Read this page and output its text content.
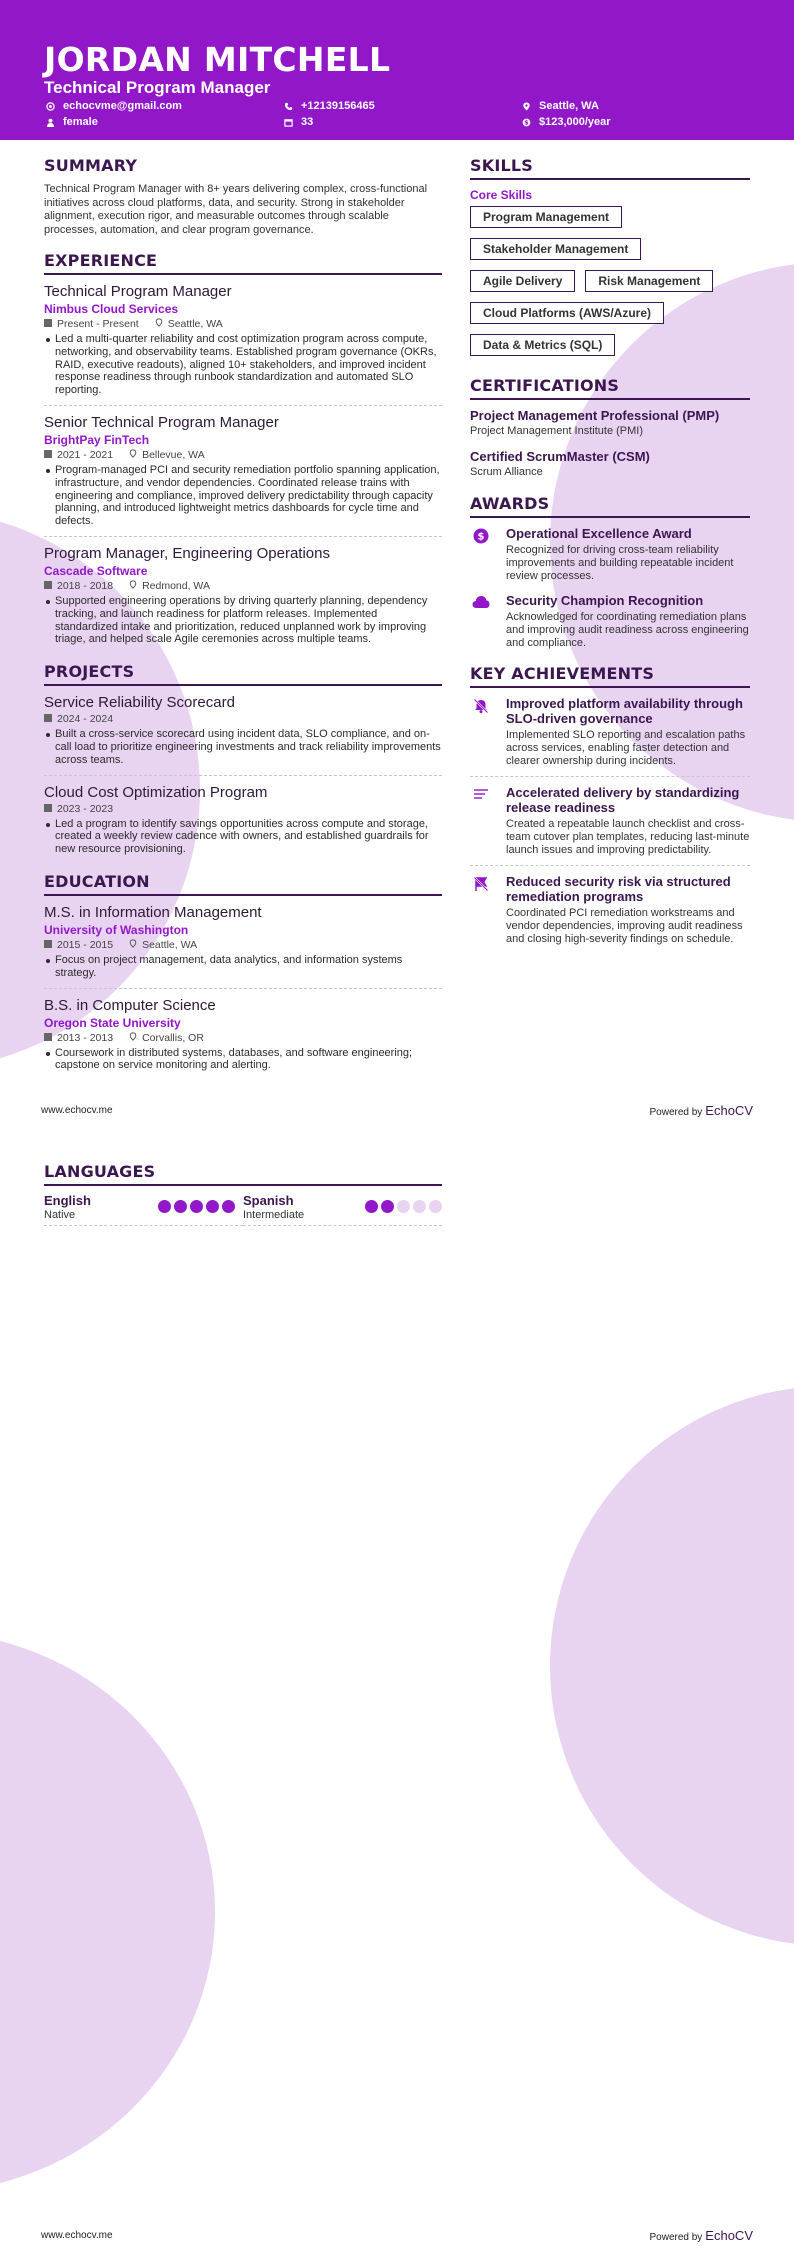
JORDAN MITCHELL
Technical Program Manager
echocvme@gmail.com	+12139156465	Seattle, WA
female	33	$ $123,000/year
SUMMARY
Technical Program Manager with 8+ years delivering complex, cross-functional initiatives across cloud platforms, data, and security. Strong in stakeholder alignment, execution rigor, and measurable outcomes through scalable processes, automation, and clear program governance.
EXPERIENCE
Technical Program Manager
Nimbus Cloud Services
Present - Present	Seattle, WA
Led a multi-quarter reliability and cost optimization program across compute, networking, and observability teams. Established program governance (OKRs, RAID, executive readouts), aligned 10+ stakeholders, and improved incident response readiness through runbook standardization and automated SLO reporting.
Senior Technical Program Manager
BrightPay FinTech
2021 - 2021	Bellevue, WA
Program-managed PCI and security remediation portfolio spanning application, infrastructure, and vendor dependencies. Coordinated release trains with engineering and compliance, improved delivery predictability through capacity planning, and introduced lightweight metrics dashboards for cycle time and defects.
Program Manager, Engineering Operations
Cascade Software
2018 - 2018	Redmond, WA
Supported engineering operations by driving quarterly planning, dependency tracking, and launch readiness for platform releases. Implemented standardized intake and prioritization, reduced unplanned work by improving triage, and helped scale Agile ceremonies across multiple teams.
PROJECTS
Service Reliability Scorecard
2024 - 2024
Built a cross-service scorecard using incident data, SLO compliance, and on-call load to prioritize engineering investments and track reliability improvements across teams.
Cloud Cost Optimization Program
2023 - 2023
Led a program to identify savings opportunities across compute and storage, created a weekly review cadence with owners, and established guardrails for new resource provisioning.
EDUCATION
M.S. in Information Management
University of Washington
2015 - 2015	Seattle, WA
Focus on project management, data analytics, and information systems strategy.
B.S. in Computer Science
Oregon State University
2013 - 2013	Corvallis, OR
Coursework in distributed systems, databases, and software engineering; capstone on service monitoring and alerting.
SKILLS
Core Skills
Program Management
Stakeholder Management
Agile Delivery	Risk Management
Cloud Platforms (AWS/Azure)
Data & Metrics (SQL)
CERTIFICATIONS
Project Management Professional (PMP)
Project Management Institute (PMI)
Certified ScrumMaster (CSM)
Scrum Alliance
AWARDS
$ Operational Excellence Award
Recognized for driving cross-team reliability improvements and building repeatable incident review processes.
Security Champion Recognition
Acknowledged for coordinating remediation plans and improving audit readiness across engineering and compliance.
KEY ACHIEVEMENTS
Improved platform availability through SLO-driven governance
Implemented SLO reporting and escalation paths across services, enabling faster detection and clearer ownership during incidents.
Accelerated delivery by standardizing release readiness
Created a repeatable launch checklist and cross-team cutover plan templates, reducing last-minute launch issues and improving predictability.
Reduced security risk via structured remediation programs
Coordinated PCI remediation workstreams and vendor dependencies, improving audit readiness and closing high-severity findings on schedule.
www.echocv.me	Powered by EchoCV
LANGUAGES
English
Native
Spanish
Intermediate
www.echocv.me	Powered by EchoCV
